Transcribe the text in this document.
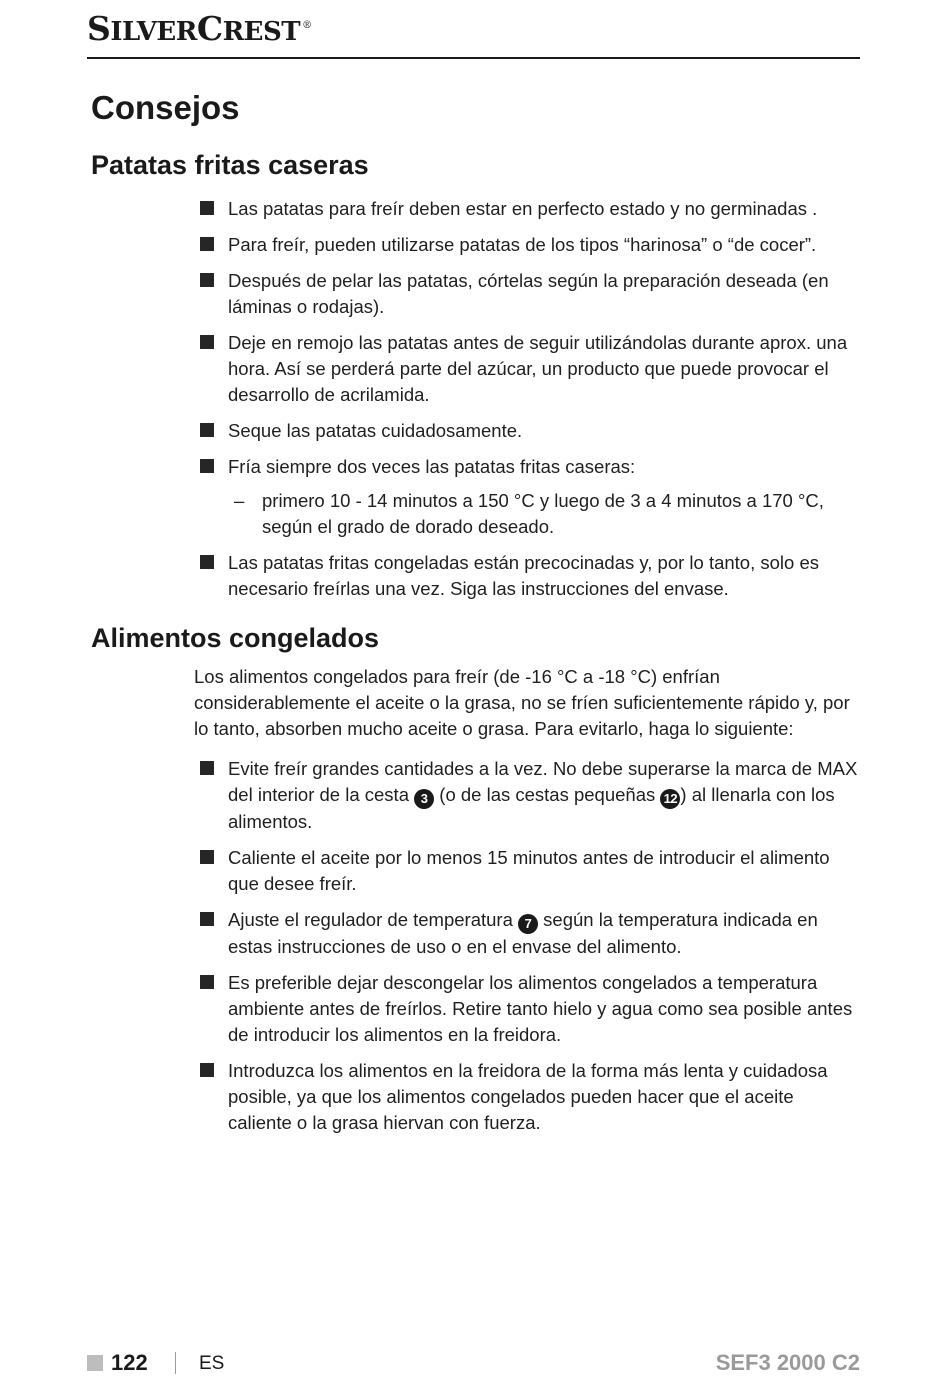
SILVERCREST ®
Consejos
Patatas fritas caseras
Las patatas para freír deben estar en perfecto estado y no germinadas .
Para freír, pueden utilizarse patatas de los tipos “harinosa” o “de cocer”.
Después de pelar las patatas, córtelas según la preparación deseada (en láminas o rodajas).
Deje en remojo las patatas antes de seguir utilizándolas durante aprox. una hora. Así se perderá parte del azúcar, un producto que puede provocar el desarrollo de acrilamida.
Seque las patatas cuidadosamente.
Fría siempre dos veces las patatas fritas caseras:
– primero 10 - 14 minutos a 150 °C y luego de 3 a 4 minutos a 170 °C, según el grado de dorado deseado.
Las patatas fritas congeladas están precocinadas y, por lo tanto, solo es necesario freírlas una vez. Siga las instrucciones del envase.
Alimentos congelados

Los alimentos congelados para freír (de -16 °C a -18 °C) enfrían considerablemente el aceite o la grasa, no se fríen suficientemente rápido y, por lo tanto, absorben mucho aceite o grasa. Para evitarlo, haga lo siguiente:

Evite freír grandes cantidades a la vez. No debe superarse la marca de MAX del interior de la cesta 3 (o de las cestas pequeñas 12 ) al llenarla con los alimentos.
Caliente el aceite por lo menos 15 minutos antes de introducir el alimento que desee freír.
Ajuste el regulador de temperatura 7 según la temperatura indicada en estas instrucciones de uso o en el envase del alimento.
Es preferible dejar descongelar los alimentos congelados a temperatura ambiente antes de freírlos. Retire tanto hielo y agua como sea posible antes de introducir los alimentos en la freidora.
Introduzca los alimentos en la freidora de la forma más lenta y cuidadosa posible, ya que los alimentos congelados pueden hacer que el aceite caliente o la grasa hiervan con fuerza.
122	ES	SEF3 2000 C2
